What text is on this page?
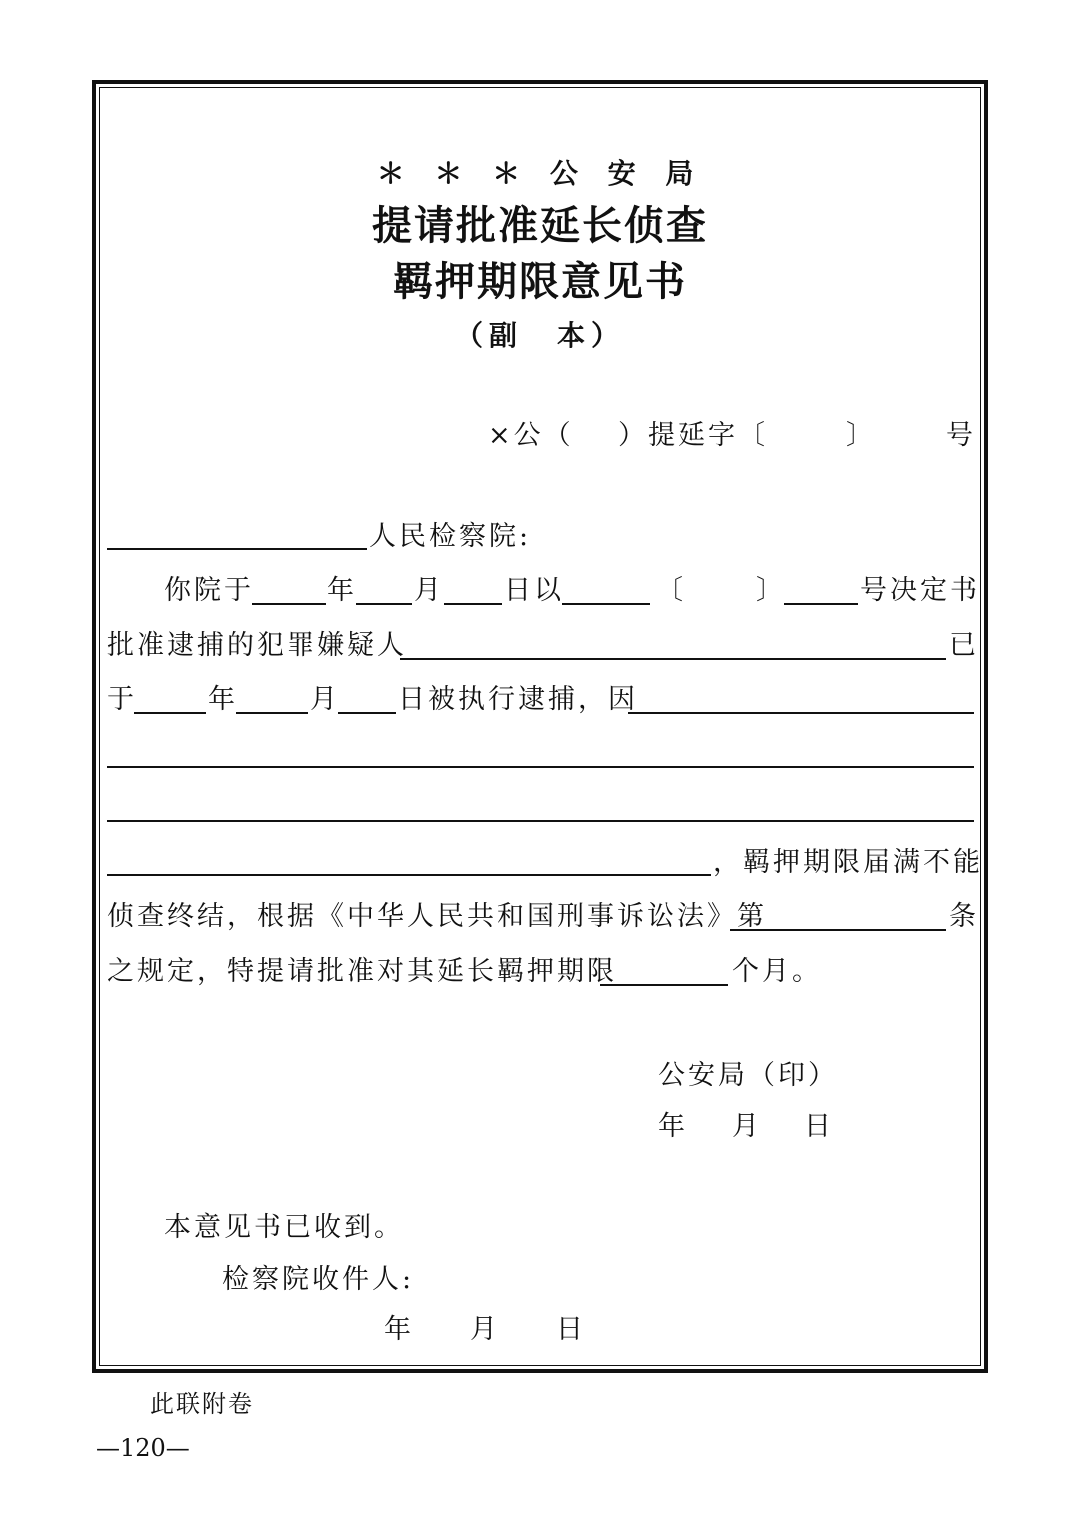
＊ ＊ ＊ 公 安 局
提请批准延长侦查
羁押期限意见书
（副　本）
×公（ ）提延字〔	〕	号
人民检察院:
你院于	年 月 日以	〔	〕	号决定书
批准逮捕的犯罪嫌疑人	已
于	年	月 日被执行逮捕，因
，羁押期限届满不能
侦查终结，根据《中华人民共和国刑事诉讼法》第	条
之规定，特提请批准对其延长羁押期限	个月。
公安局（印）
年 月 日
本意见书已收到。
检察院收件人:
年 月 日
此联附卷
—120—
